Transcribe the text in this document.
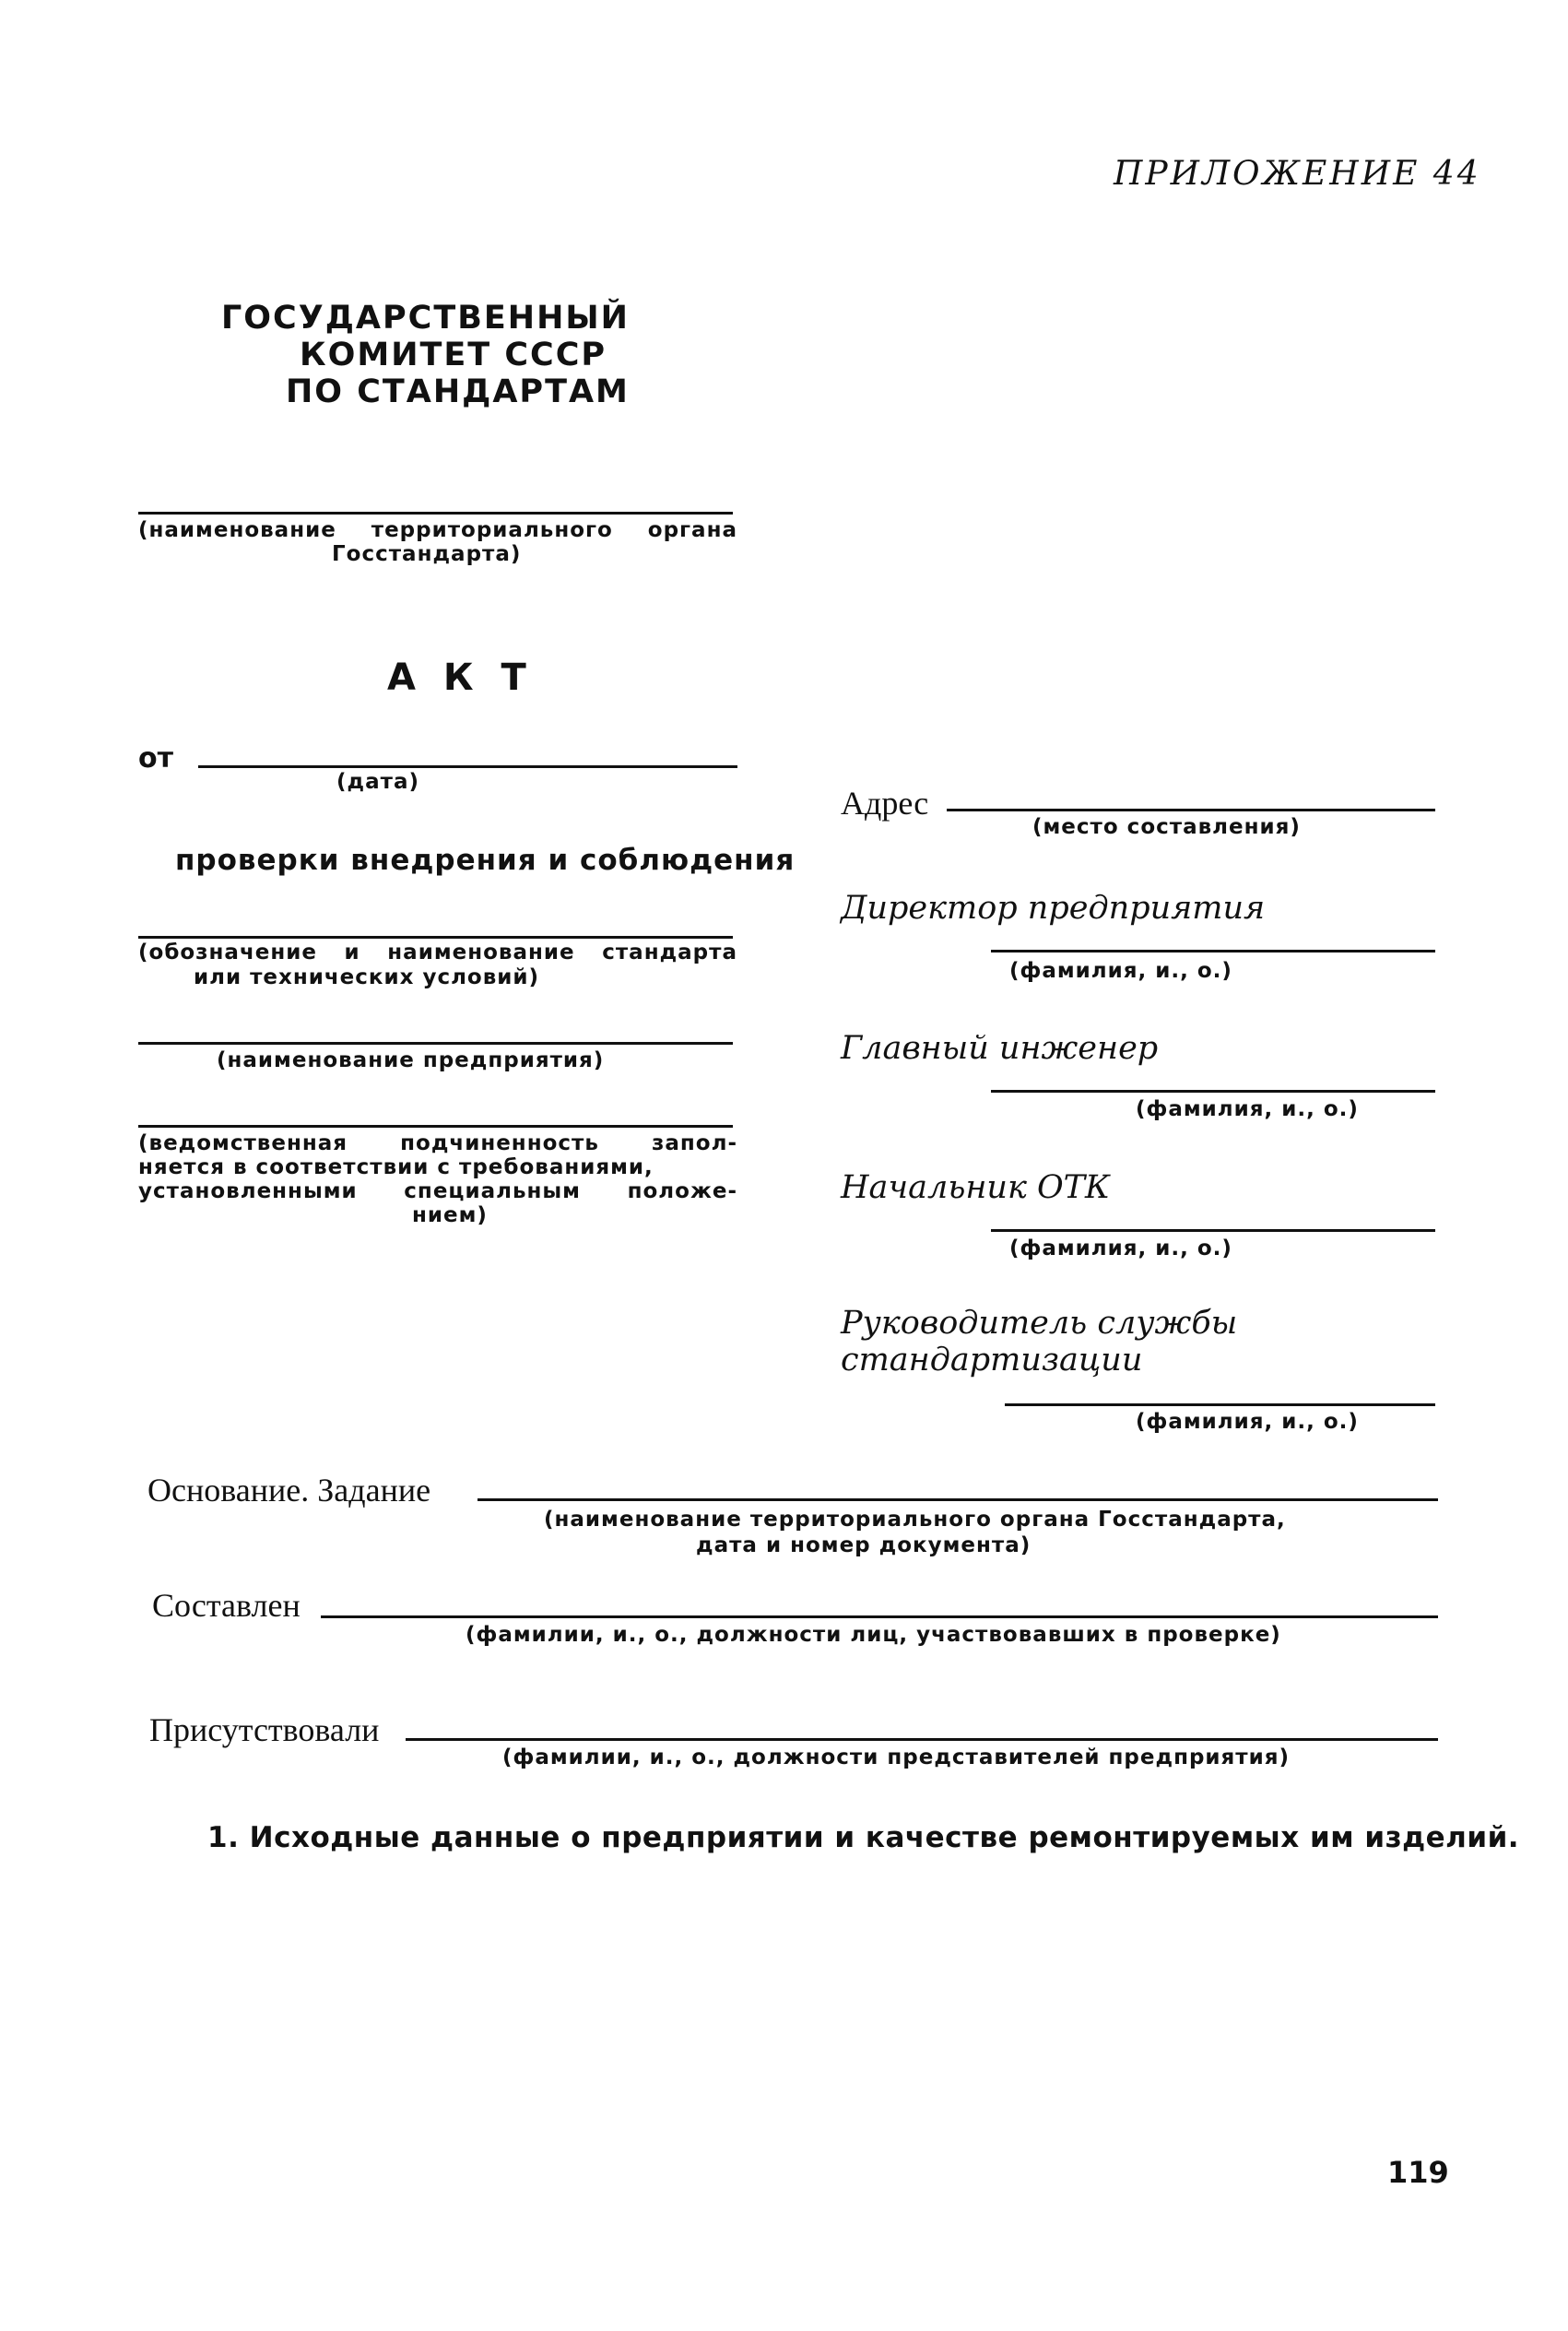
ПРИЛОЖЕНИЕ 44
ГОСУДАРСТВЕННЫЙ
КОМИТЕТ СССР
ПО СТАНДАРТАМ
(наименование территориального органа
Госстандарта)
А К Т
от
(дата)
проверки внедрения и соблюдения
(обозначение и наименование стандарта
или технических условий)
(наименование предприятия)
(ведомственная подчиненность запол-
няется в соответствии с требованиями,
установленными специальным положе-
нием)
Адрес
(место составления)
Директор предприятия
(фамилия, и., о.)
Главный инженер
(фамилия, и., о.)
Начальник ОТК
(фамилия, и., о.)
Руководитель службы
стандартизации
(фамилия, и., о.)
Основание. Задание
(наименование территориального органа Госстандарта,
дата и номер документа)
Составлен
(фамилии, и., о., должности лиц, участвовавших в проверке)
Присутствовали
(фамилии, и., о., должности представителей предприятия)
1. Исходные данные о предприятии и качестве ремонтируемых им изделий.
119
